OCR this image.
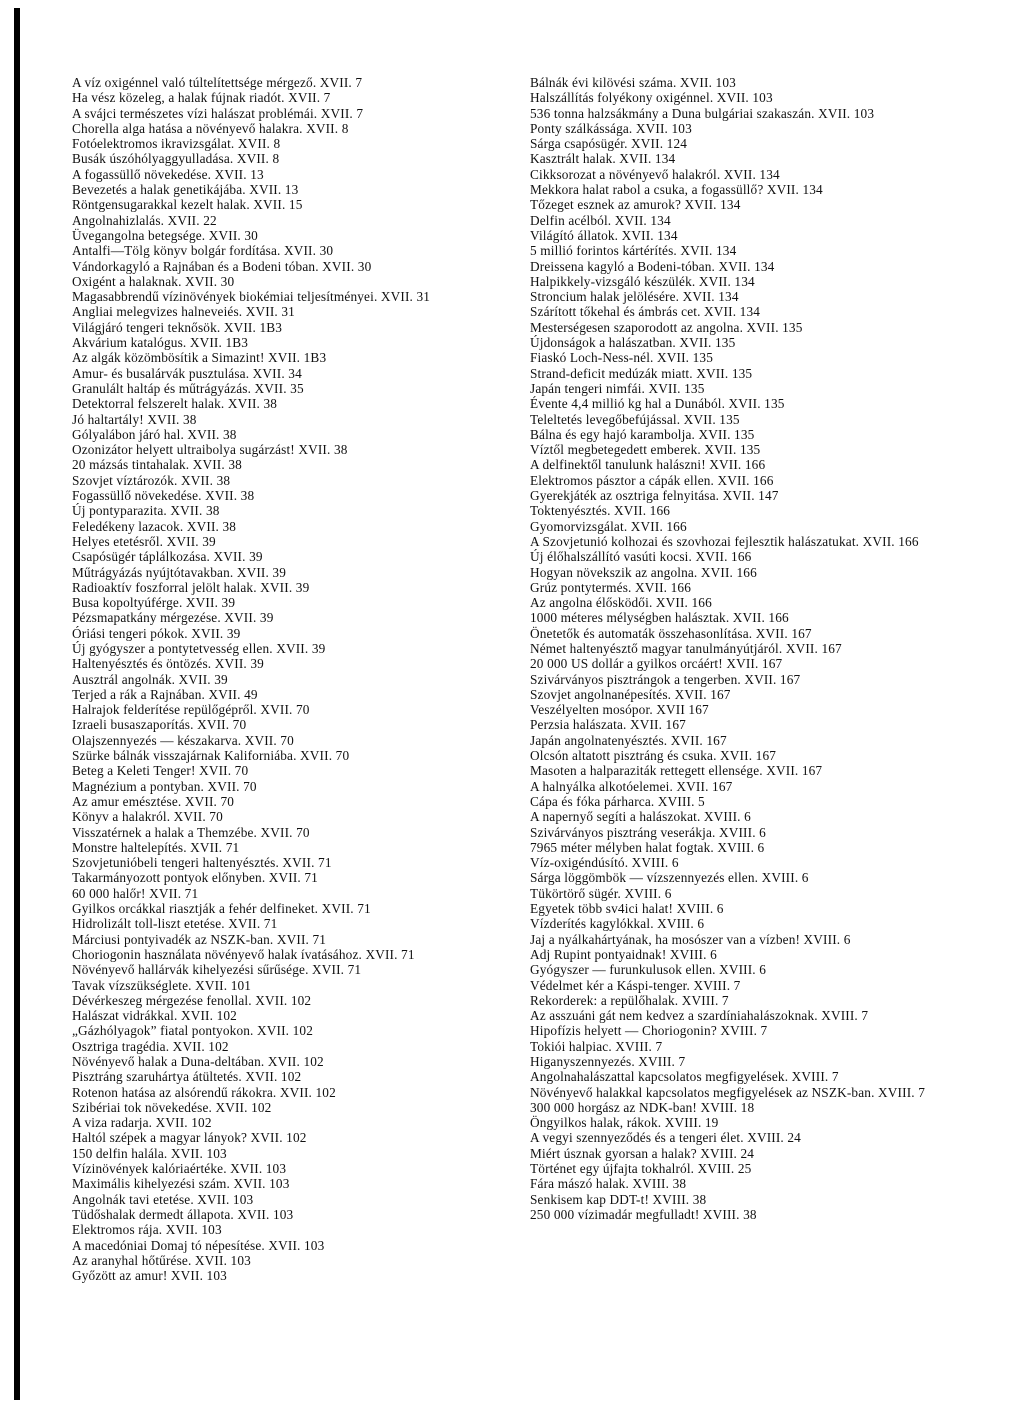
A víz oxigénnel való túltelítettsége mérgező. XVII. 7
Ha vész közeleg, a halak fújnak riadót. XVII. 7
A svájci természetes vízi halászat problémái. XVII. 7
Chorella alga hatása a növényevő halakra. XVII. 8
Fotóelektromos ikravizsgálat. XVII. 8
Busák úszóhólyaggyulladása. XVII. 8
A fogassüllő növekedése. XVII. 13
Bevezetés a halak genetikájába. XVII. 13
Röntgensugarakkal kezelt halak. XVII. 15
Angolnahizlalás. XVII. 22
Üvegangolna betegsége. XVII. 30
Antalfi—Tölg könyv bolgár fordítása. XVII. 30
Vándorkagyló a Rajnában és a Bodeni tóban. XVII. 30
Oxigént a halaknak. XVII. 30
Magasabbrendű vízinövények biokémiai teljesítményei. XVII. 31
Angliai melegvizes halneveiés. XVII. 31
Világjáró tengeri teknősök. XVII. 1B3
Akvárium katalógus. XVII. 1B3
Az algák közömbösítik a Simazint! XVII. 1B3
Amur- és busalárvák pusztulása. XVII. 34
Granulált haltáp és műtrágyázás. XVII. 35
Detektorral felszerelt halak. XVII. 38
Jó haltartály! XVII. 38
Gólyalábon járó hal. XVII. 38
Ozonizátor helyett ultraibolya sugárzást! XVII. 38
20 mázsás tintahalak. XVII. 38
Szovjet víztározók. XVII. 38
Fogassüllő növekedése. XVII. 38
Új pontyparazita. XVII. 38
Feledékeny lazacok. XVII. 38
Helyes etetésről. XVII. 39
Csapósügér táplálkozása. XVII. 39
Műtrágyázás nyújtótavakban. XVII. 39
Radioaktív foszforral jelölt halak. XVII. 39
Busa kopoltyúférge. XVII. 39
Pézsmapatkány mérgezése. XVII. 39
Óriási tengeri pókok. XVII. 39
Új gyógyszer a pontytetvesség ellen. XVII. 39
Haltenyésztés és öntözés. XVII. 39
Ausztrál angolnák. XVII. 39
Terjed a rák a Rajnában. XVII. 49
Halrajok felderítése repülőgépről. XVII. 70
Izraeli busaszaporítás. XVII. 70
Olajszennyezés — készakarva. XVII. 70
Szürke bálnák visszajárnak Kaliforniába. XVII. 70
Beteg a Keleti Tenger! XVII. 70
Magnézium a pontyban. XVII. 70
Az amur emésztése. XVII. 70
Könyv a halakról. XVII. 70
Visszatérnek a halak a Themzébe. XVII. 70
Monstre haltelepítés. XVII. 71
Szovjetunióbeli tengeri haltenyésztés. XVII. 71
Takarmányozott pontyok előnyben. XVII. 71
60 000 halőr! XVII. 71
Gyilkos orcákkal riasztják a fehér delfineket. XVII. 71
Hidrolizált toll-liszt etetése. XVII. 71
Márciusi pontyivadék az NSZK-ban. XVII. 71
Choriogonin használata növényevő halak ívatásához. XVII. 71
Növényevő hallárvák kihelyezési sűrűsége. XVII. 71
Tavak vízszükséglete. XVII. 101
Dévérkeszeg mérgezése fenollal. XVII. 102
Halászat vidrákkal. XVII. 102
„Gázhólyagok” fiatal pontyokon. XVII. 102
Osztriga tragédia. XVII. 102
Növényevő halak a Duna-deltában. XVII. 102
Pisztráng szaruhártya átültetés. XVII. 102
Rotenon hatása az alsórendű rákokra. XVII. 102
Szibériai tok növekedése. XVII. 102
A viza radarja. XVII. 102
Haltól szépek a magyar lányok? XVII. 102
150 delfin halála. XVII. 103
Vízinövények kalóriaértéke. XVII. 103
Maximális kihelyezési szám. XVII. 103
Angolnák tavi etetése. XVII. 103
Tüdőshalak dermedt állapota. XVII. 103
Elektromos rája. XVII. 103
A macedóniai Domaj tó népesítése. XVII. 103
Az aranyhal hőtűrése. XVII. 103
Győzött az amur! XVII. 103
Bálnák évi kilövési száma. XVII. 103
Halszállítás folyékony oxigénnel. XVII. 103
536 tonna halzsákmány a Duna bulgáriai szakaszán. XVII. 103
Ponty szálkássága. XVII. 103
Sárga csapósügér. XVII. 124
Kasztrált halak. XVII. 134
Cikksorozat a növényevő halakról. XVII. 134
Mekkora halat rabol a csuka, a fogassüllő? XVII. 134
Tőzeget esznek az amurok? XVII. 134
Delfin acélból. XVII. 134
Világító állatok. XVII. 134
5 millió forintos kártérítés. XVII. 134
Dreissena kagyló a Bodeni-tóban. XVII. 134
Halpikkely-vizsgáló készülék. XVII. 134
Stroncium halak jelölésére. XVII. 134
Szárított tőkehal és ámbrás cet. XVII. 134
Mesterségesen szaporodott az angolna. XVII. 135
Újdonságok a halászatban. XVII. 135
Fiaskó Loch-Ness-nél. XVII. 135
Strand-deficit medúzák miatt. XVII. 135
Japán tengeri nimfái. XVII. 135
Évente 4,4 millió kg hal a Dunából. XVII. 135
Teleltetés levegőbefújással. XVII. 135
Bálna és egy hajó karambolja. XVII. 135
Víztől megbetegedett emberek. XVII. 135
A delfinektől tanulunk halászni! XVII. 166
Elektromos pásztor a cápák ellen. XVII. 166
Gyerekjáték az osztriga felnyitása. XVII. 147
Toktenyésztés. XVII. 166
Gyomorvizsgálat. XVII. 166
A Szovjetunió kolhozai és szovhozai fejlesztik halászatukat. XVII. 166
Új élőhalszállító vasúti kocsi. XVII. 166
Hogyan növekszik az angolna. XVII. 166
Grúz pontytermés. XVII. 166
Az angolna élősködői. XVII. 166
1000 méteres mélységben halásztak. XVII. 166
Önetetők és automaták összehasonlítása. XVII. 167
Német haltenyésztő magyar tanulmányútjáról. XVII. 167
20 000 US dollár a gyilkos orcáért! XVII. 167
Szivárványos pisztrángok a tengerben. XVII. 167
Szovjet angolnanépesítés. XVII. 167
Veszélyelten mosópor. XVII 167
Perzsia halászata. XVII. 167
Japán angolnatenyésztés. XVII. 167
Olcsón altatott pisztráng és csuka. XVII. 167
Masoten a halparaziták rettegett ellensége. XVII. 167
A halnyálka alkotóelemei. XVII. 167
Cápa és fóka párharca. XVIII. 5
A napernyő segíti a halászokat. XVIII. 6
Szivárványos pisztráng veserákja. XVIII. 6
7965 méter mélyben halat fogtak. XVIII. 6
Víz-oxigéndúsító. XVIII. 6
Sárga löggömbök — vízszennyezés ellen. XVIII. 6
Tükörtörő sügér. XVIII. 6
Egyetek több sv4ici halat! XVIII. 6
Vízderítés kagylókkal. XVIII. 6
Jaj a nyálkahártyának, ha mosószer van a vízben! XVIII. 6
Adj Rupint pontyaidnak! XVIII. 6
Gyógyszer — furunkulusok ellen. XVIII. 6
Védelmet kér a Káspi-tenger. XVIII. 7
Rekorderek: a repülőhalak. XVIII. 7
Az asszuáni gát nem kedvez a szardíniahalászoknak. XVIII. 7
Hipofízis helyett — Choriogonin? XVIII. 7
Tokiói halpiac. XVIII. 7
Higanyszennyezés. XVIII. 7
Angolnahalászattal kapcsolatos megfigyelések. XVIII. 7
Növényevő halakkal kapcsolatos megfigyelések az NSZK-ban. XVIII. 7
300 000 horgász az NDK-ban! XVIII. 18
Öngyilkos halak, rákok. XVIII. 19
A vegyi szennyeződés és a tengeri élet. XVIII. 24
Miért úsznak gyorsan a halak? XVIII. 24
Történet egy újfajta tokhalról. XVIII. 25
Fára mászó halak. XVIII. 38
Senkisem kap DDT-t! XVIII. 38
250 000 vízimadár megfulladt! XVIII. 38
